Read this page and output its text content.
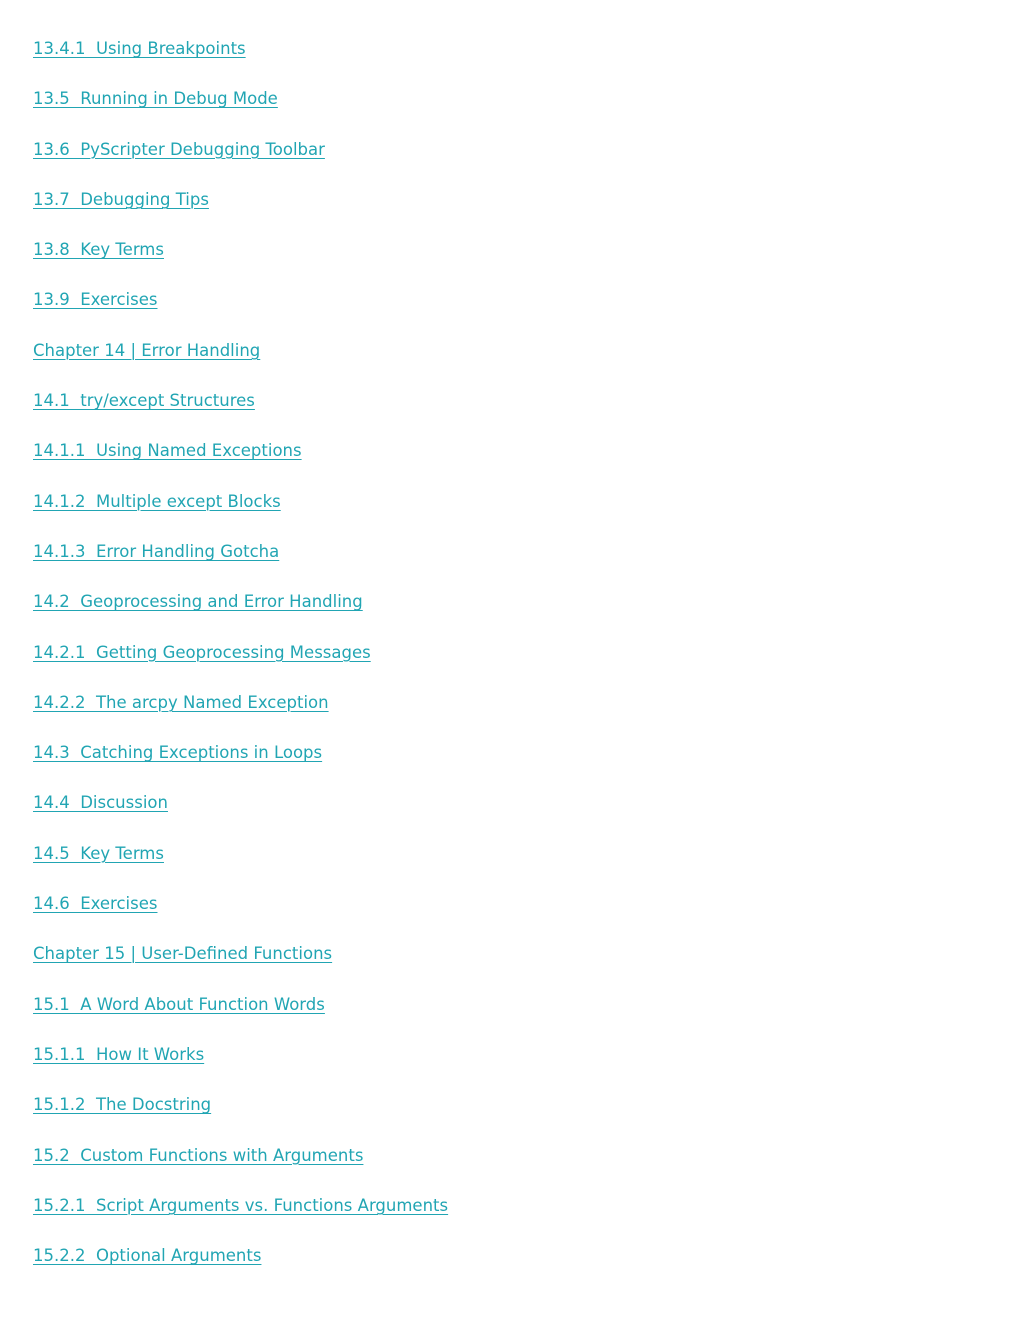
13.4.1  Using Breakpoints
13.5  Running in Debug Mode
13.6  PyScripter Debugging Toolbar
13.7  Debugging Tips
13.8  Key Terms
13.9  Exercises
Chapter 14 | Error Handling
14.1  try/except Structures
14.1.1  Using Named Exceptions
14.1.2  Multiple except Blocks
14.1.3  Error Handling Gotcha
14.2  Geoprocessing and Error Handling
14.2.1  Getting Geoprocessing Messages
14.2.2  The arcpy Named Exception
14.3  Catching Exceptions in Loops
14.4  Discussion
14.5  Key Terms
14.6  Exercises
Chapter 15 | User-Defined Functions
15.1  A Word About Function Words
15.1.1  How It Works
15.1.2  The Docstring
15.2  Custom Functions with Arguments
15.2.1  Script Arguments vs. Functions Arguments
15.2.2  Optional Arguments
